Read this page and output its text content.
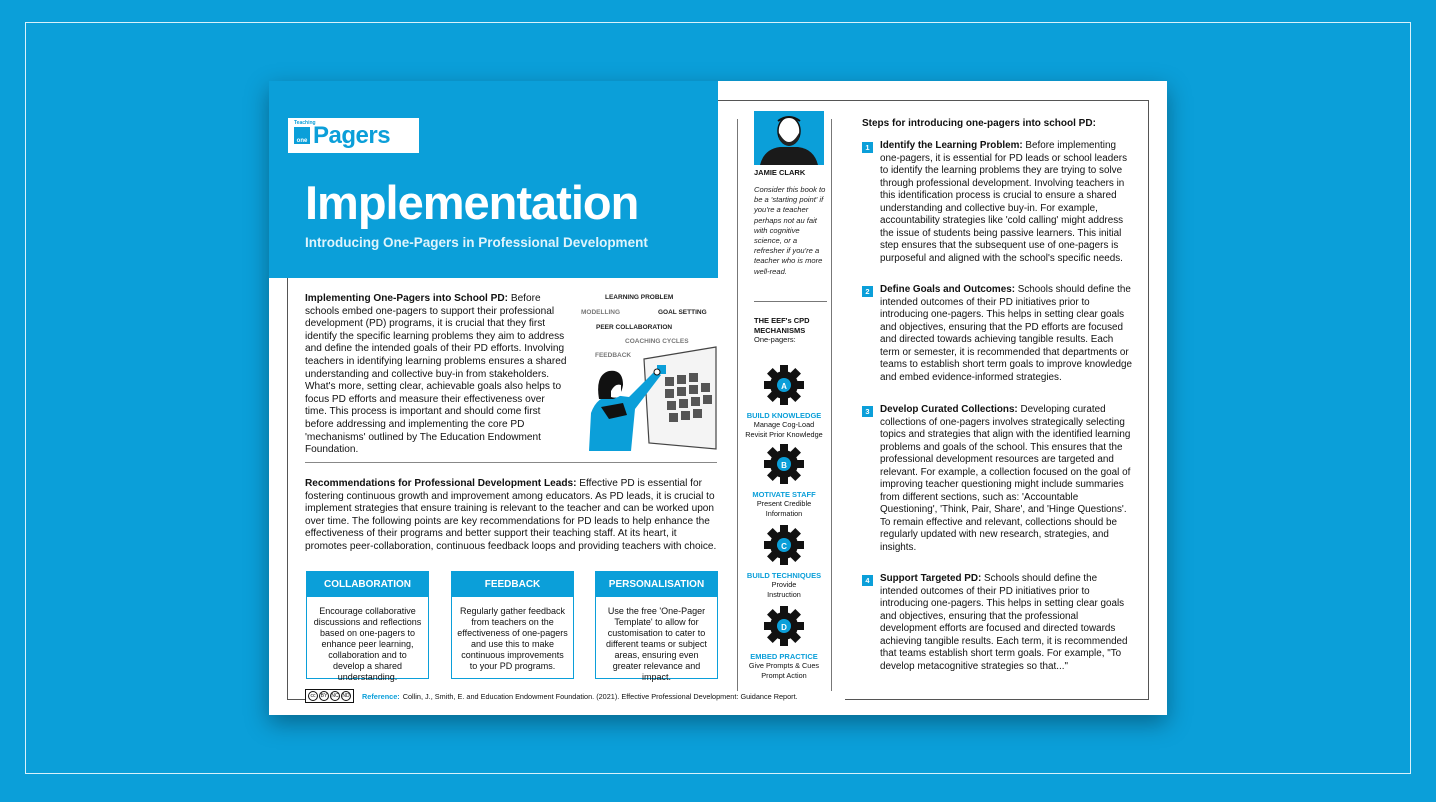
Teaching
one Pagers
Implementation
Introducing One-Pagers in Professional Development

Implementing One-Pagers into School PD: Before schools embed one-pagers to support their professional development (PD) programs, it is crucial that they first identify the specific learning problems they aim to address and define the intended goals of their PD efforts. Involving teachers in identifying learning problems ensures a shared understanding and collective buy-in from stakeholders. What's more, setting clear, achievable goals also helps to focus PD efforts and measure their effectiveness over time. This process is important and should come first before addressing and implementing the core PD 'mechanisms' outlined by The Education Endowment Foundation.

LEARNING PROBLEM
MODELLING	GOAL SETTING
PEER COLLABORATION
COACHING CYCLES
FEEDBACK

Recommendations for Professional Development Leads: Effective PD is essential for fostering continuous growth and improvement among educators. As PD leads, it is crucial to implement strategies that ensure training is relevant to the teacher and can be worked upon over time. The following points are key recommendations for PD leads to help enhance the effectiveness of their programs and better support their teaching staff. At its heart, it promotes peer-collaboration, continuous feedback loops and providing teachers with choice.

COLLABORATION
Encourage collaborative discussions and reflections based on one-pagers to enhance peer learning, collaboration and to develop a shared understanding.
FEEDBACK
Regularly gather feedback from teachers on the effectiveness of one-pagers and use this to make continuous improvements to your PD programs.
PERSONALISATION
Use the free 'One-Pager Template' to allow for customisation to cater to different teams or subject areas, ensuring even greater relevance and impact.
cc	BY NC ND Reference: Collin, J., Smith, E. and Education Endowment Foundation. (2021). Effective Professional Development: Guidance Report.
JAMIE CLARK
Consider this book to be a 'starting point' if you're a teacher perhaps not au fait with cognitive science, or a refresher if you're a teacher who is more well-read.
THE EEF's CPD MECHANISMS
One-pagers:
A
BUILD KNOWLEDGE
Manage Cog-Load
Revisit Prior Knowledge
B
MOTIVATE STAFF
Present Credible
Information
C
BUILD TECHNIQUES
Provide
Instruction
D
EMBED PRACTICE
Give Prompts & Cues
Prompt Action
Steps for introducing one-pagers into school PD:
1	Identify the Learning Problem: Before implementing one-pagers, it is essential for PD leads or school leaders to identify the learning problems they are trying to solve through professional development. Involving teachers in this identification process is crucial to ensure a shared understanding and collective buy-in. For example, accountability strategies like 'cold calling' might address the issue of students being passive learners. This initial step ensures that the subsequent use of one-pagers is purposeful and aligned with the school's specific needs.

2	Define Goals and Outcomes: Schools should define the intended outcomes of their PD initiatives prior to introducing one-pagers. This helps in setting clear goals and objectives, ensuring that the PD efforts are focused and directed towards achieving tangible results. Each term or semester, it is recommended that departments or teams to establish short term goals to improve knowledge and embed evidence-informed strategies.

3	Develop Curated Collections: Developing curated collections of one-pagers involves strategically selecting topics and strategies that align with the identified learning problems and goals of the school. This ensures that the professional development resources are targeted and relevant. For example, a collection focused on the goal of improving teacher questioning might include summaries from different sections, such as: 'Accountable Questioning', 'Think, Pair, Share', and 'Hinge Questions'. To remain effective and relevant, collections should be regularly updated with new research, strategies, and insights.

4	Support Targeted PD: Schools should define the intended outcomes of their PD initiatives prior to introducing one-pagers. This helps in setting clear goals and objectives, ensuring that the professional development efforts are focused and directed towards achieving tangible results. Each term, it is recommended that teams establish short term goals. For example, "To develop metacognitive strategies so that..."
